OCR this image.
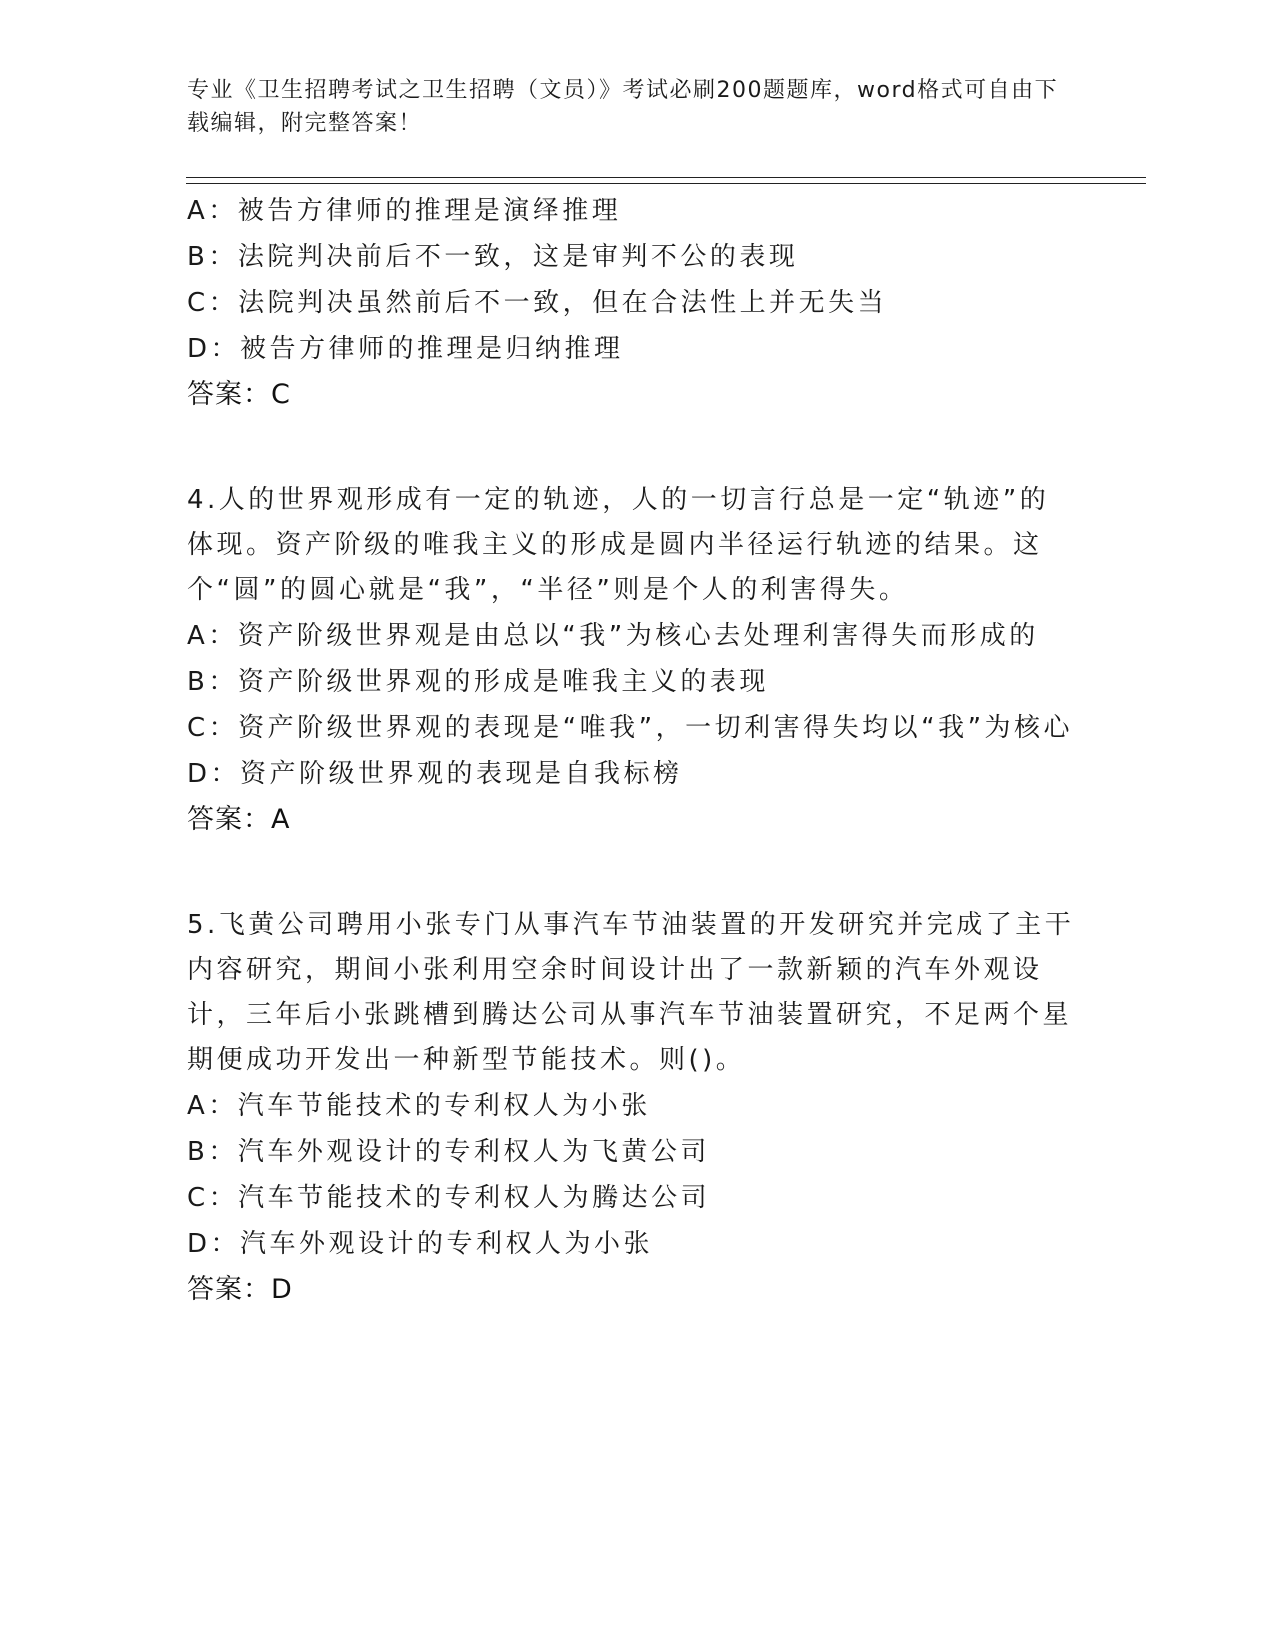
专业《卫生招聘考试之卫生招聘（文员）》考试必刷200题题库，word格式可自由下载编辑，附完整答案！
A：被告方律师的推理是演绎推理
B：法院判决前后不一致，这是审判不公的表现
C：法院判决虽然前后不一致，但在合法性上并无失当
D：被告方律师的推理是归纳推理
答案：C
4.人的世界观形成有一定的轨迹，人的一切言行总是一定“轨迹”的体现。资产阶级的唯我主义的形成是圆内半径运行轨迹的结果。这个“圆”的圆心就是“我”，“半径”则是个人的利害得失。
A：资产阶级世界观是由总以“我”为核心去处理利害得失而形成的
B：资产阶级世界观的形成是唯我主义的表现
C：资产阶级世界观的表现是“唯我”，一切利害得失均以“我”为核心
D：资产阶级世界观的表现是自我标榜
答案：A
5.飞黄公司聘用小张专门从事汽车节油装置的开发研究并完成了主干内容研究，期间小张利用空余时间设计出了一款新颖的汽车外观设计，三年后小张跳槽到腾达公司从事汽车节油装置研究，不足两个星期便成功开发出一种新型节能技术。则()。
A：汽车节能技术的专利权人为小张
B：汽车外观设计的专利权人为飞黄公司
C：汽车节能技术的专利权人为腾达公司
D：汽车外观设计的专利权人为小张
答案：D
